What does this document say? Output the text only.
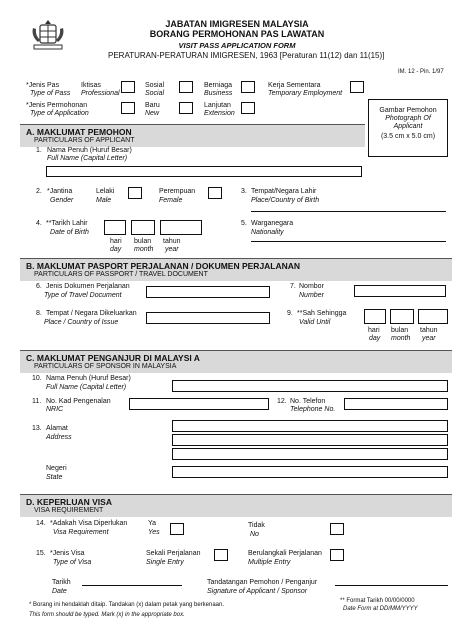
JABATAN IMIGRESEN MALAYSIA
BORANG PERMOHONAN PAS LAWATAN
VISIT PASS APPLICATION FORM
PERATURAN-PERATURAN IMIGRESEN, 1963 [Peraturan 11(12) dan 11(15)]
IM. 12 - Pin. 1/97
*Jenis Pas
Type of Pass
Iktisas
Professional
Sosial
Social
Berniaga
Business
Kerja Sementara
Temporary Employment
*Jenis Permohonan
Type of Application
Baru
New
Lanjutan
Extension	Gambar Pemohon
Photograph Of
Applicant
(3.5 cm x 5.0 cm)
A. MAKLUMAT PEMOHON
PARTICULARS OF APPLICANT
1. Nama Penuh (Huruf Besar)
Full Name (Capital Letter)
2. *Jantina
Gender
Lelaki
Male
Perempuan
Female
3. Tempat/Negara Lahir
Place/Country of Birth
4. **Tarikh Lahir
Date of Birth
hari
day
bulan
month
tahun
year
5. Warganegara
Nationality
B. MAKLUMAT PASPORT PERJALANAN / DOKUMEN PERJALANAN
PARTICULARS OF PASSPORT / TRAVEL DOCUMENT
6. Jenis Dokumen Perjalanan
Type of Travel Document
7. Nombor
Number
8. Tempat / Negara Dikeluarkan
Place / Country of Issue
9. **Sah Sehingga
Valid Until
hari
day
bulan
month
tahun
year
C. MAKLUMAT PENGANJUR DI MALAYSI A
PARTICULARS OF SPONSOR IN MALAYSIA
10. Nama Penuh (Huruf Besar)
Full Name (Capital Letter)
11. No. Kad Pengenalan
NRIC
12. No. Telefon
Telephone No.
13. Alamat
Address
Negeri
State
D. KEPERLUAN VISA
VISA REQUIREMENT
14. *Adakah Visa Diperlukan
Visa Requirement
Ya
Yes
Tidak
No
15. *Jenis Visa
Type of Visa
Sekali Perjalanan
Single Entry
Berulangkali Perjalanan
Multiple Entry
Tarikh
Date
Tandatangan Pemohon / Penganjur
Signature of Applicant / Sponsor
* Borang ini hendaklah ditaip. Tandakan (x) dalam petak yang berkenaan.
This form should be typed. Mark (x) in the appropriate box.
** Format Tarikh 00/00/0000
Date Form at DD/MM/YYYY
